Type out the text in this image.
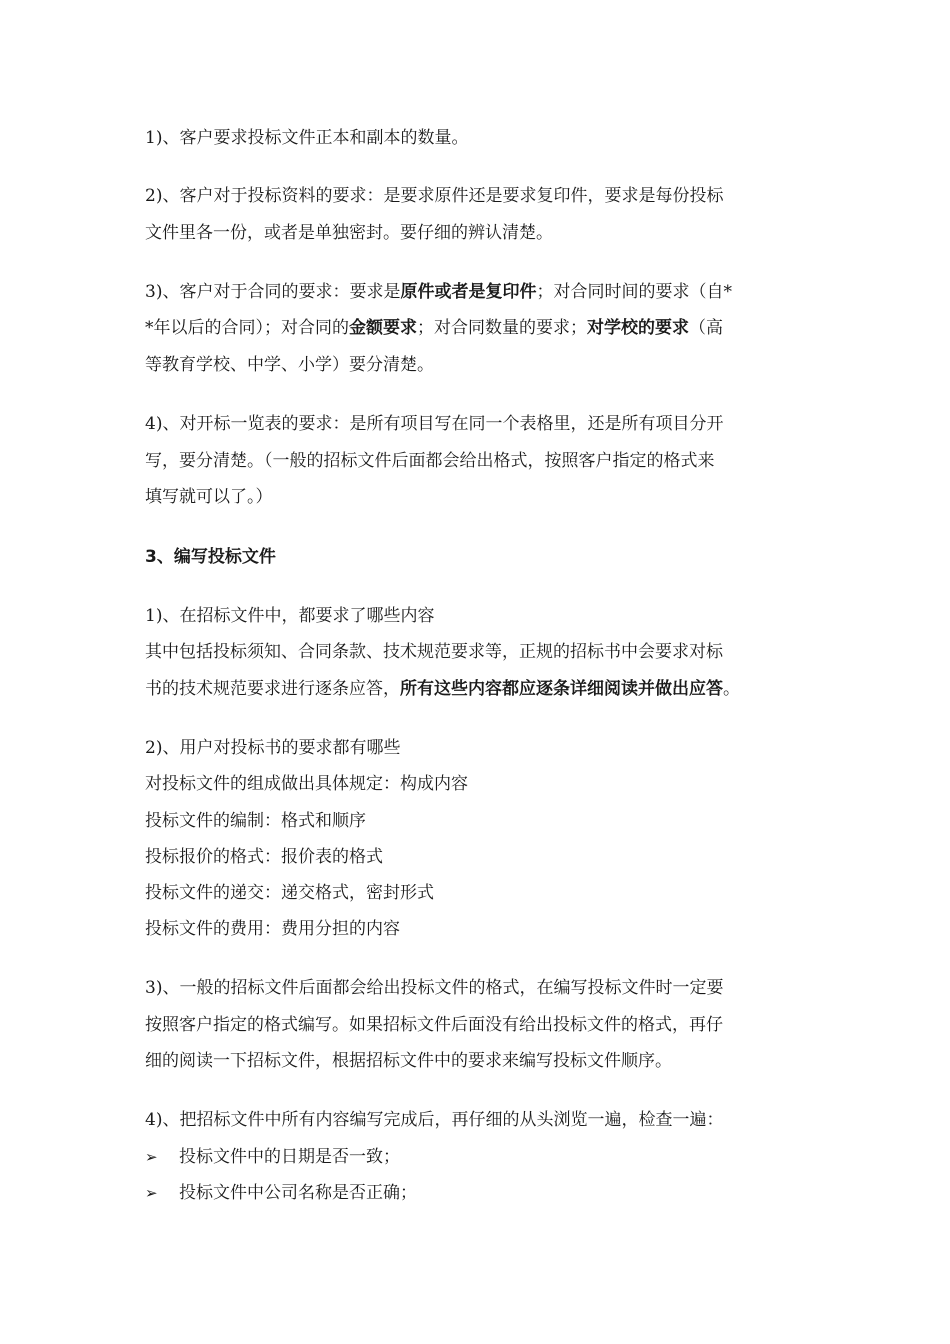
1)、客户要求投标文件正本和副本的数量。
2)、客户对于投标资料的要求：是要求原件还是要求复印件，要求是每份投标
文件里各一份，或者是单独密封。要仔细的辨认清楚。
3)、客户对于合同的要求：要求是原件或者是复印件；对合同时间的要求（自*
*年以后的合同）；对合同的金额要求；对合同数量的要求；对学校的要求（高
等教育学校、中学、小学）要分清楚。
4)、对开标一览表的要求：是所有项目写在同一个表格里，还是所有项目分开
写，要分清楚。（一般的招标文件后面都会给出格式，按照客户指定的格式来
填写就可以了。）
3、编写投标文件
1)、在招标文件中，都要求了哪些内容
其中包括投标须知、合同条款、技术规范要求等，正规的招标书中会要求对标
书的技术规范要求进行逐条应答，所有这些内容都应逐条详细阅读并做出应答。
2)、用户对投标书的要求都有哪些
对投标文件的组成做出具体规定：构成内容
投标文件的编制：格式和顺序
投标报价的格式：报价表的格式
投标文件的递交：递交格式，密封形式
投标文件的费用：费用分担的内容
3)、一般的招标文件后面都会给出投标文件的格式，在编写投标文件时一定要
按照客户指定的格式编写。如果招标文件后面没有给出投标文件的格式，再仔
细的阅读一下招标文件，根据招标文件中的要求来编写投标文件顺序。
4)、把招标文件中所有内容编写完成后，再仔细的从头浏览一遍，检查一遍：
➢ 投标文件中的日期是否一致；
➢ 投标文件中公司名称是否正确；
